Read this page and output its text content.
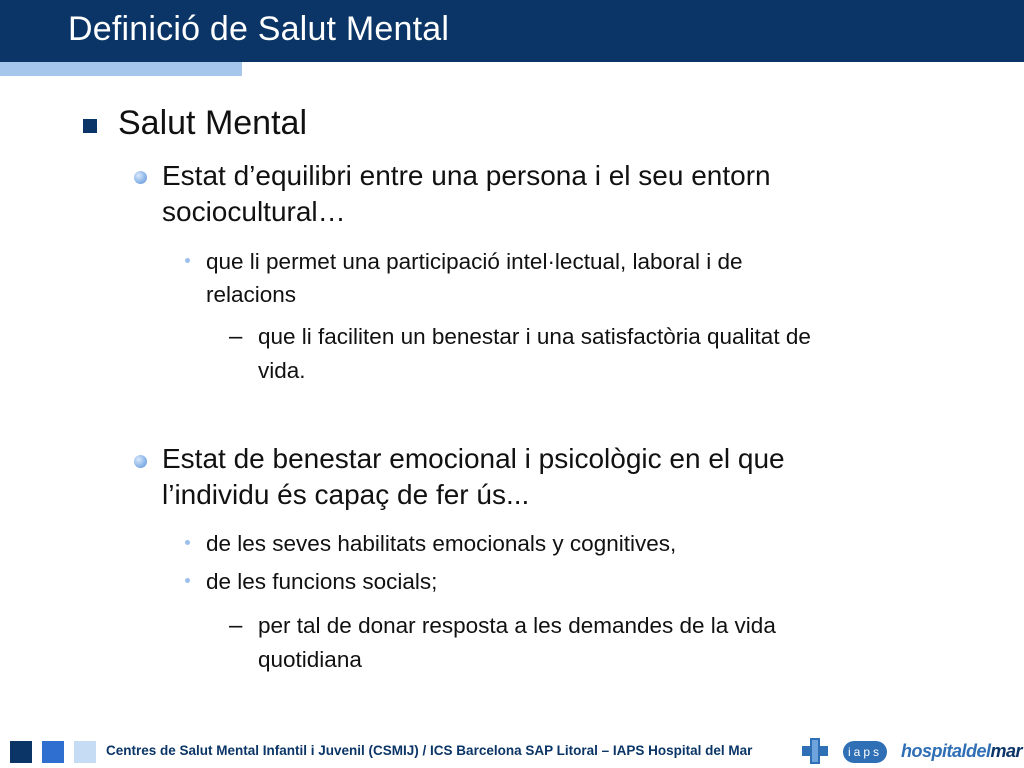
Definició de Salut Mental
Salut Mental
Estat d’equilibri entre una persona i el seu entorn
sociocultural…
que li permet una participació intel·lectual, laboral i de
relacions
– que li faciliten un benestar i una satisfactòria qualitat de
vida.
Estat de benestar emocional i psicològic en el que
l’individu és capaç de fer ús...
de les seves habilitats emocionals y cognitives,
de les funcions socials;
– per tal de donar resposta a les demandes de la vida
quotidiana
Centres de Salut Mental Infantil i Juvenil (CSMIJ) / ICS Barcelona SAP Litoral – IAPS Hospital del Mar	iaps hospitaldelmar
